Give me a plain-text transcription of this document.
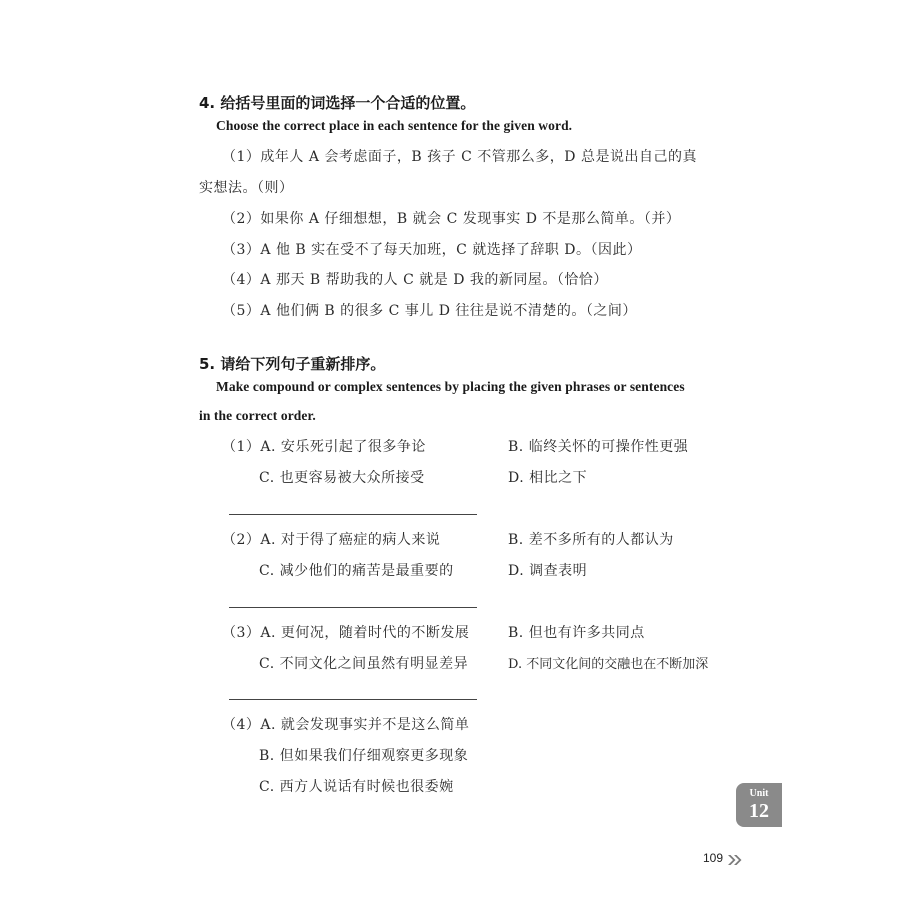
4. 给括号里面的词选择一个合适的位置。
Choose the correct place in each sentence for the given word.
（1）成年人 A 会考虑面子，B 孩子 C 不管那么多，D 总是说出自己的真
实想法。（则）
（2）如果你 A 仔细想想，B 就会 C 发现事实 D 不是那么简单。（并）
（3）A 他 B 实在受不了每天加班，C 就选择了辞职 D。（因此）
（4）A 那天 B 帮助我的人 C 就是 D 我的新同屋。（恰恰）
（5）A 他们俩 B 的很多 C 事儿 D 往往是说不清楚的。（之间）
5. 请给下列句子重新排序。
Make compound or complex sentences by placing the given phrases or sentences
in the correct order.
（1）A. 安乐死引起了很多争论	B. 临终关怀的可操作性更强
C. 也更容易被大众所接受	D. 相比之下
（2）A. 对于得了癌症的病人来说	B. 差不多所有的人都认为
C. 减少他们的痛苦是最重要的	D. 调查表明
（3）A. 更何况，随着时代的不断发展	B. 但也有许多共同点
C. 不同文化之间虽然有明显差异	D. 不同文化间的交融也在不断加深
（4）A. 就会发现事实并不是这么简单
B. 但如果我们仔细观察更多现象
C. 西方人说话有时候也很委婉	Unit
12
109
